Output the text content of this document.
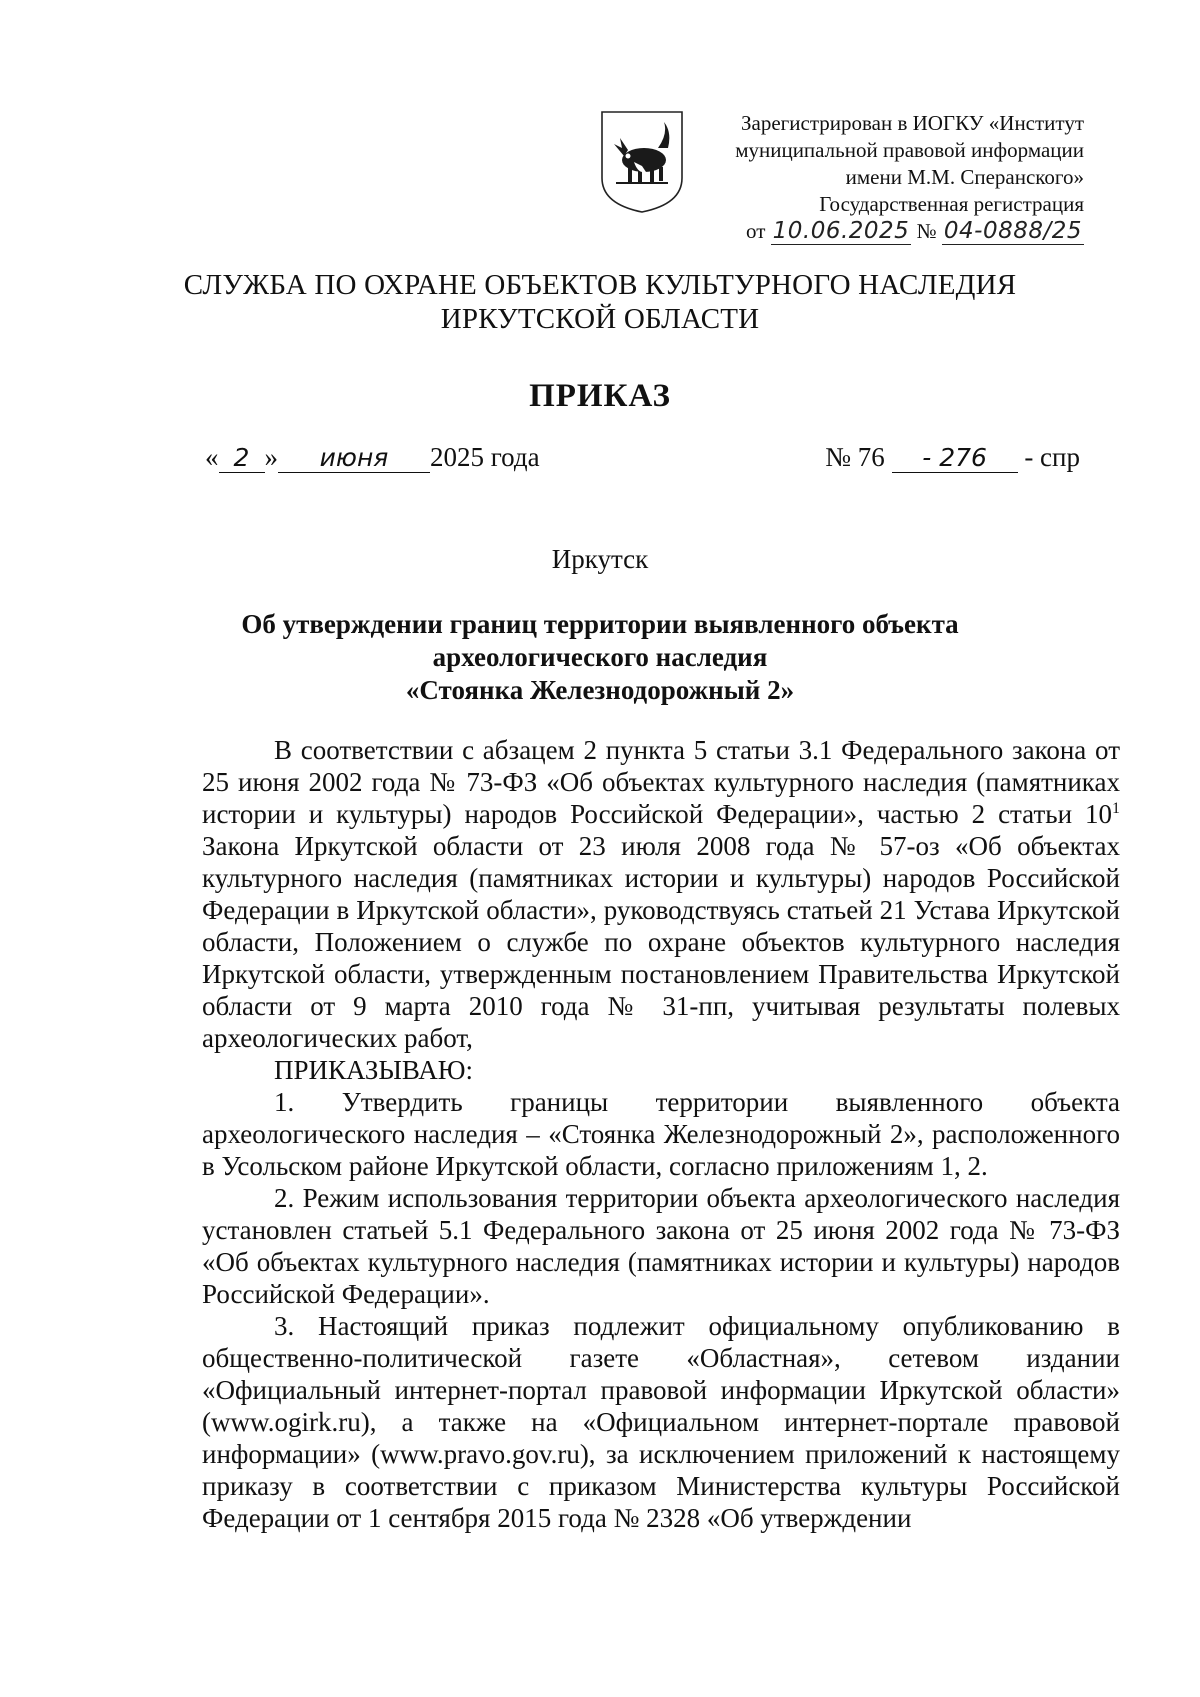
Зарегистрирован в ИОГКУ «Институт
муниципальной правовой информации
имени М.М. Сперанского»
Государственная регистрация
от 10.06.2025 № 04-0888/25
СЛУЖБА ПО ОХРАНЕ ОБЪЕКТОВ КУЛЬТУРНОГО НАСЛЕДИЯ
ИРКУТСКОЙ ОБЛАСТИ
ПРИКАЗ
« 2 » июня 2025 года	№ 76 - 276 - спр
Иркутск
Об утверждении границ территории выявленного объекта
археологического наследия
«Стоянка Железнодорожный 2»

В соответствии с абзацем 2 пункта 5 статьи 3.1 Федерального закона от 25 июня 2002 года № 73-ФЗ «Об объектах культурного наследия (памятниках истории и культуры) народов Российской Федерации», частью 2 статьи $10^1$ Закона Иркутской области от 23 июля 2008 года № 57-оз «Об объектах культурного наследия (памятниках истории и культуры) народов Российской Федерации в Иркутской области», руководствуясь статьей 21 Устава Иркутской области, Положением о службе по охране объектов культурного наследия Иркутской области, утвержденным постановлением Правительства Иркутской области от 9 марта 2010 года № 31-пп, учитывая результаты полевых археологических работ,

ПРИКАЗЫВАЮ:

1. Утвердить границы территории выявленного объекта археологического наследия – «Стоянка Железнодорожный 2», расположенного в Усольском районе Иркутской области, согласно приложениям 1, 2.

2. Режим использования территории объекта археологического наследия установлен статьей 5.1 Федерального закона от 25 июня 2002 года № 73-ФЗ «Об объектах культурного наследия (памятниках истории и культуры) народов Российской Федерации».

3. Настоящий приказ подлежит официальному опубликованию в общественно-политической газете «Областная», сетевом издании «Официальный интернет-портал правовой информации Иркутской области» (www.ogirk.ru), а также на «Официальном интернет-портале правовой информации» (www.pravo.gov.ru), за исключением приложений к настоящему приказу в соответствии с приказом Министерства культуры Российской Федерации от 1 сентября 2015 года № 2328 «Об утверждении
